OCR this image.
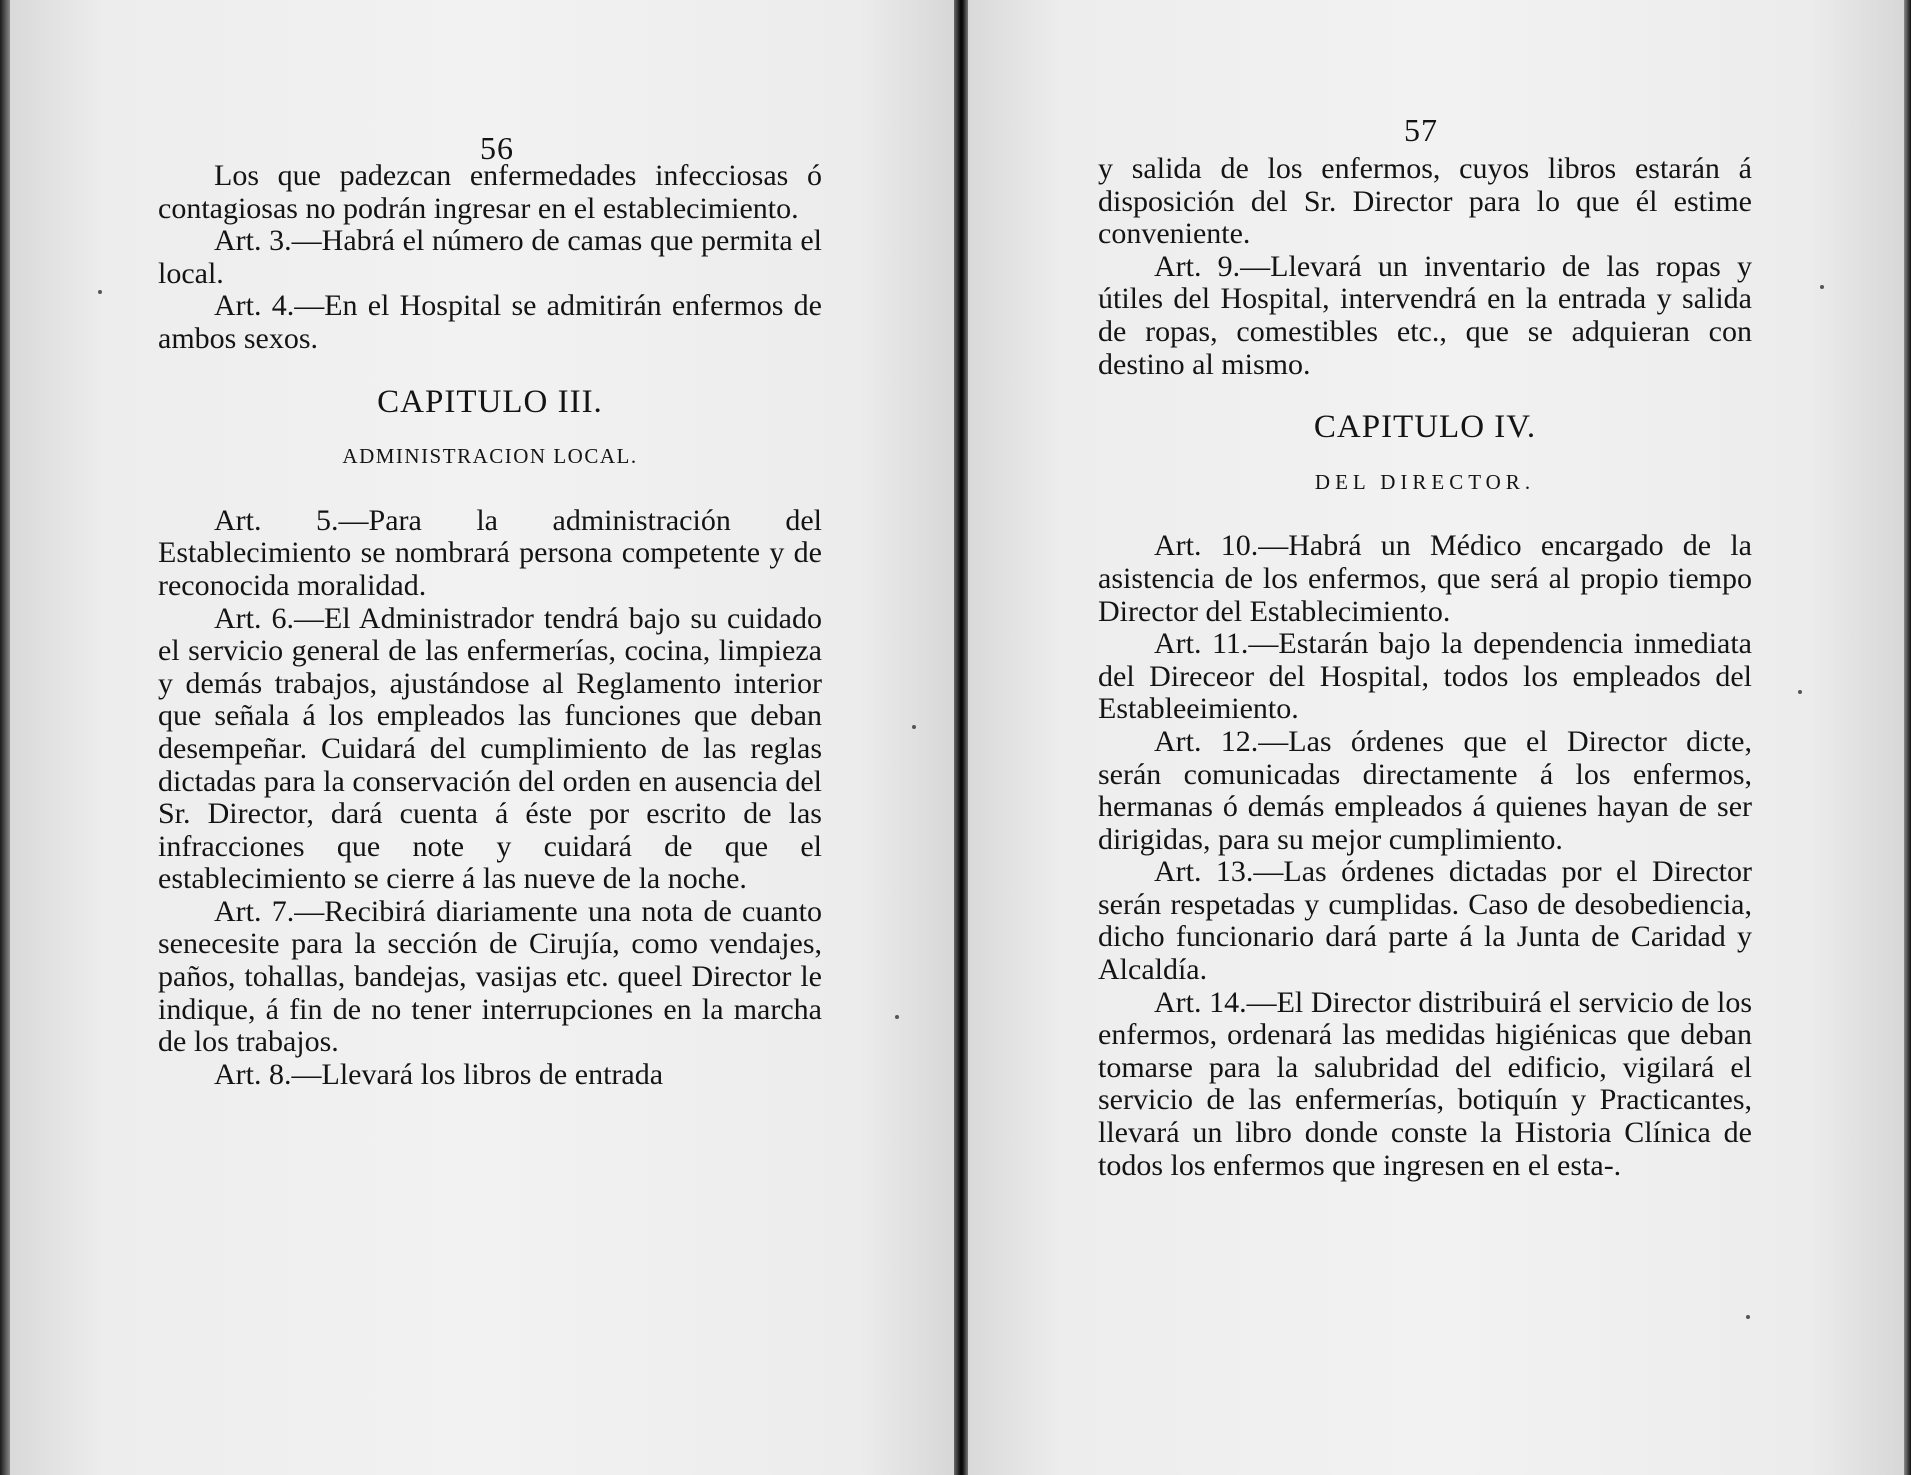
56

Los que padezcan enfermedades infecciosas ó contagiosas no podrán ingresar en el establecimiento.

Art. 3.—Habrá el número de camas que permita el local.

Art. 4.—En el Hospital se admitirán enfermos de ambos sexos.

CAPITULO III.
ADMINISTRACION LOCAL.

Art. 5.—Para la administración del Establecimiento se nombrará persona competente y de reconocida moralidad.

Art. 6.—El Administrador tendrá bajo su cuidado el servicio general de las enfermerías, cocina, limpieza y demás trabajos, ajustándose al Reglamento interior que señala á los empleados las funciones que deban desempeñar. Cuidará del cumplimiento de las reglas dictadas para la conservación del orden en ausencia del Sr. Director, dará cuenta á éste por escrito de las infracciones que note y cuidará de que el establecimiento se cierre á las nueve de la noche.

Art. 7.—Recibirá diariamente una nota de cuanto senecesite para la sección de Cirujía, como vendajes, paños, tohallas, bandejas, vasijas etc. queel Director le indique, á fin de no tener interrupciones en la marcha de los trabajos.

Art. 8.—Llevará los libros de entrada

57

y salida de los enfermos, cuyos libros estarán á disposición del Sr. Director para lo que él estime conveniente.

Art. 9.—Llevará un inventario de las ropas y útiles del Hospital, intervendrá en la entrada y salida de ropas, comestibles etc., que se adquieran con destino al mismo.

CAPITULO IV.
DEL DIRECTOR.

Art. 10.—Habrá un Médico encargado de la asistencia de los enfermos, que será al propio tiempo Director del Establecimiento.

Art. 11.—Estarán bajo la dependencia inmediata del Direceor del Hospital, todos los empleados del Estableeimiento.

Art. 12.—Las órdenes que el Director dicte, serán comunicadas directamente á los enfermos, hermanas ó demás empleados á quienes hayan de ser dirigidas, para su mejor cumplimiento.

Art. 13.—Las órdenes dictadas por el Director serán respetadas y cumplidas. Caso de desobediencia, dicho funcionario dará parte á la Junta de Caridad y Alcaldía.

Art. 14.—El Director distribuirá el servicio de los enfermos, ordenará las medidas higiénicas que deban tomarse para la salubridad del edificio, vigilará el servicio de las enfermerías, botiquín y Practicantes, llevará un libro donde conste la Historia Clínica de todos los enfermos que ingresen en el esta-.
